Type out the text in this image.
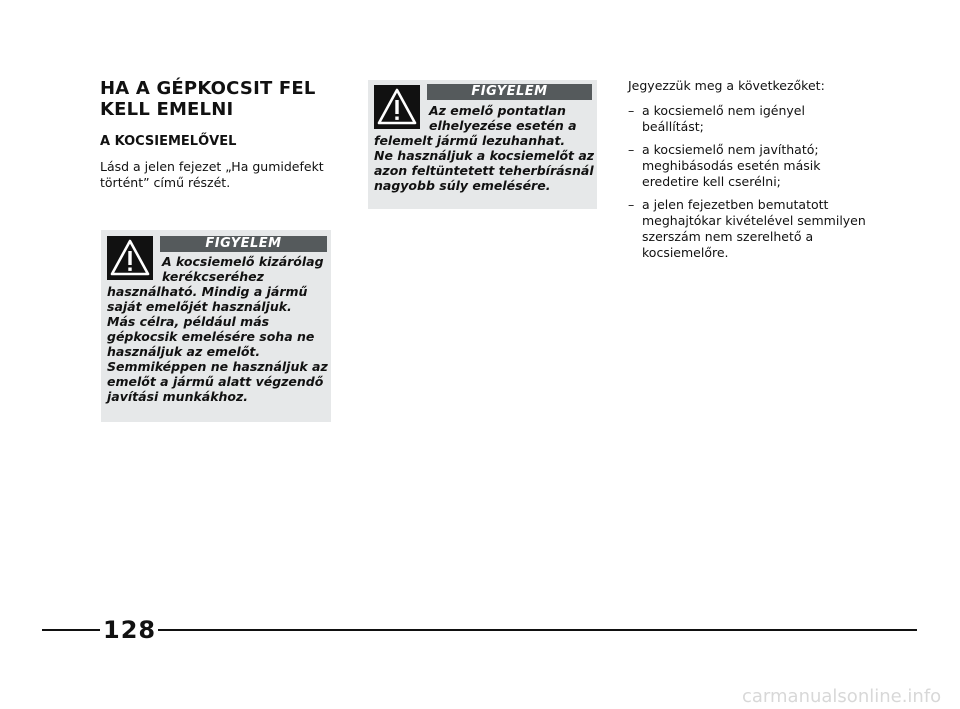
HA A GÉPKOCSIT FEL
KELL EMELNI
A KOCSIEMELŐVEL

Lásd a jelen fejezet „Ha gumidefekt
történt” című részét.

FIGYELEM

Az emelő pontatlan
elhelyezése esetén a
felemelt jármű lezuhanhat.
Ne használjuk a kocsiemelőt az
azon feltüntetett teherbírásnál
nagyobb súly emelésére.

FIGYELEM

A kocsiemelő kizárólag
kerékcseréhez
használható. Mindig a jármű
saját emelőjét használjuk.
Más célra, például más
gépkocsik emelésére soha ne
használjuk az emelőt.
Semmiképpen ne használjuk az
emelőt a jármű alatt végzendő
javítási munkákhoz.

Jegyezzük meg a következőket:

– a kocsiemelő nem igényel
beállítást;
– a kocsiemelő nem javítható;
meghibásodás esetén másik
eredetire kell cserélni;
– a jelen fejezetben bemutatott
meghajtókar kivételével semmilyen
szerszám nem szerelhető a
kocsiemelőre.
128
carmanualsonline.info
